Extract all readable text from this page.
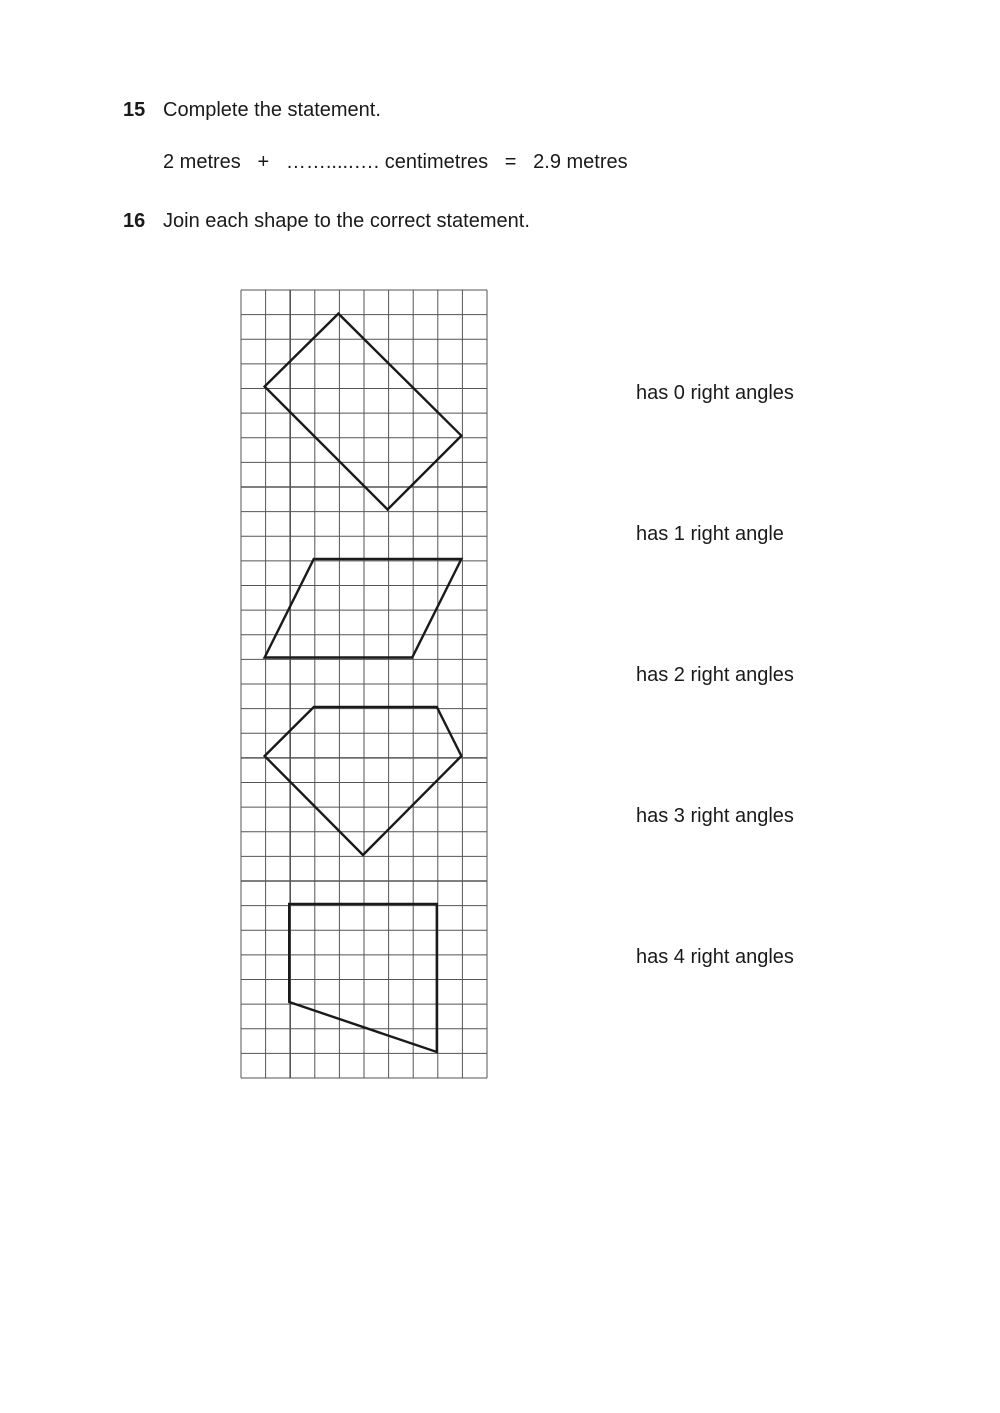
15 Complete the statement.
2 metres + …….....…. centimetres = 2.9 metres
16 Join each shape to the correct statement.
has 0 right angles
has 1 right angle
has 2 right angles
has 3 right angles
has 4 right angles
